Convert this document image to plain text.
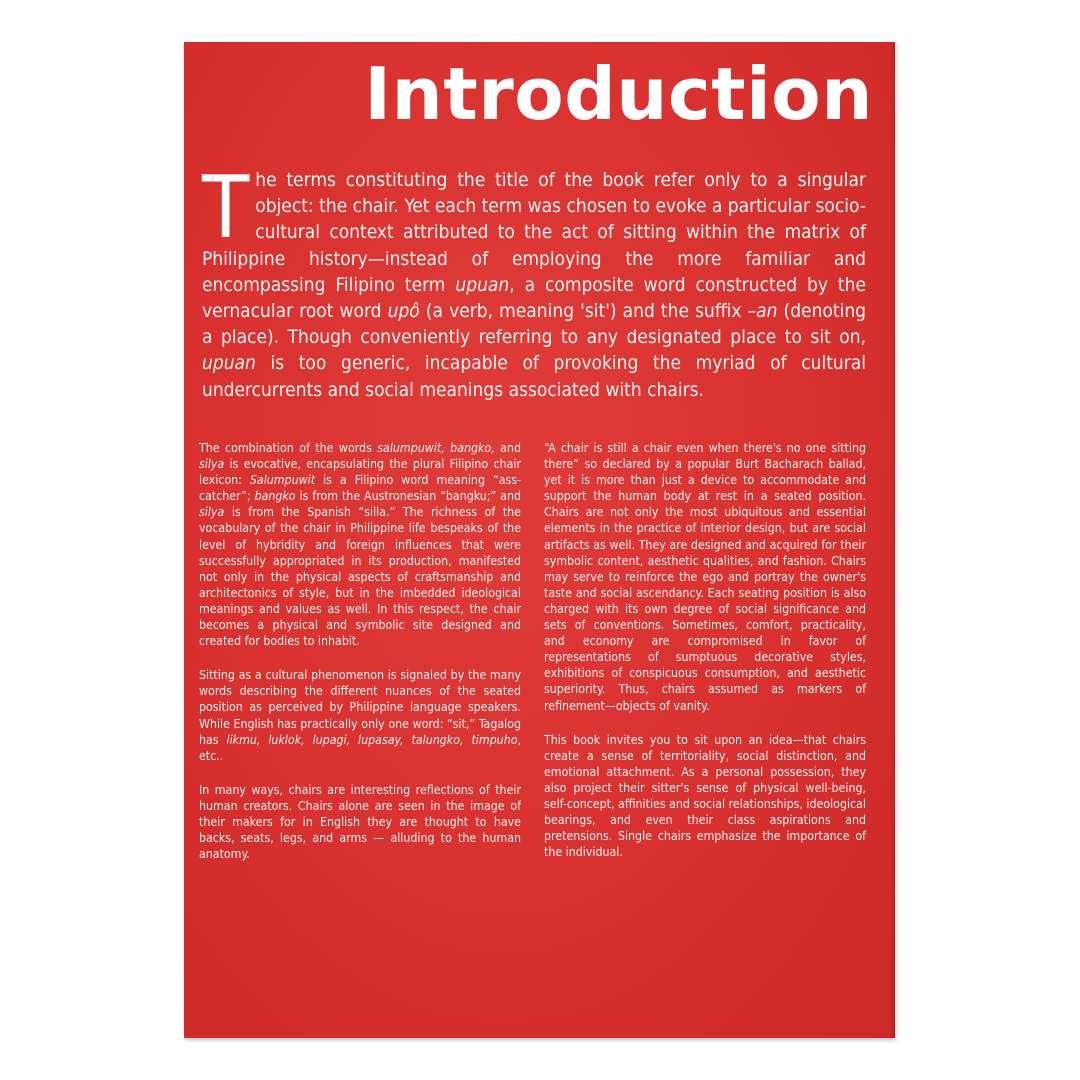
Introduction

T he terms constituting the title of the book refer only to a singular object: the chair. Yet each term was chosen to evoke a particular socio-cultural context attributed to the act of sitting within the matrix of Philippine history—instead of employing the more familiar and encompassing Filipino term upuan, a composite word constructed by the vernacular root word upô (a verb, meaning 'sit') and the suffix –an (denoting a place). Though conveniently referring to any designated place to sit on, upuan is too generic, incapable of provoking the myriad of cultural undercurrents and social meanings associated with chairs.

The combination of the words salumpuwit, bangko, and silya is evocative, encapsulating the plural Filipino chair lexicon: Salumpuwit is a Filipino word meaning “ass-catcher”; bangko is from the Austronesian “bangku;” and silya is from the Spanish “silla.” The richness of the vocabulary of the chair in Philippine life bespeaks of the level of hybridity and foreign influences that were successfully appropriated in its production, manifested not only in the physical aspects of craftsmanship and architectonics of style, but in the imbedded ideological meanings and values as well. In this respect, the chair becomes a physical and symbolic site designed and created for bodies to inhabit.

Sitting as a cultural phenomenon is signaled by the many words describing the different nuances of the seated position as perceived by Philippine language speakers. While English has practically only one word: “sit,” Tagalog has likmu, luklok, lupagi, lupasay, talungko, timpuho, etc..

In many ways, chairs are interesting reflections of their human creators. Chairs alone are seen in the image of their makers for in English they are thought to have backs, seats, legs, and arms — alluding to the human anatomy.

“A chair is still a chair even when there's no one sitting there” so declared by a popular Burt Bacharach ballad, yet it is more than just a device to accommodate and support the human body at rest in a seated position. Chairs are not only the most ubiquitous and essential elements in the practice of interior design, but are social artifacts as well. They are designed and acquired for their symbolic content, aesthetic qualities, and fashion. Chairs may serve to reinforce the ego and portray the owner's taste and social ascendancy. Each seating position is also charged with its own degree of social significance and sets of conventions. Sometimes, comfort, practicality, and economy are compromised in favor of representations of sumptuous decorative styles, exhibitions of conspicuous consumption, and aesthetic superiority. Thus, chairs assumed as markers of refinement—objects of vanity.

This book invites you to sit upon an idea—that chairs create a sense of territoriality, social distinction, and emotional attachment. As a personal possession, they also project their sitter's sense of physical well-being, self-concept, affinities and social relationships, ideological bearings, and even their class aspirations and pretensions. Single chairs emphasize the importance of the individual.
